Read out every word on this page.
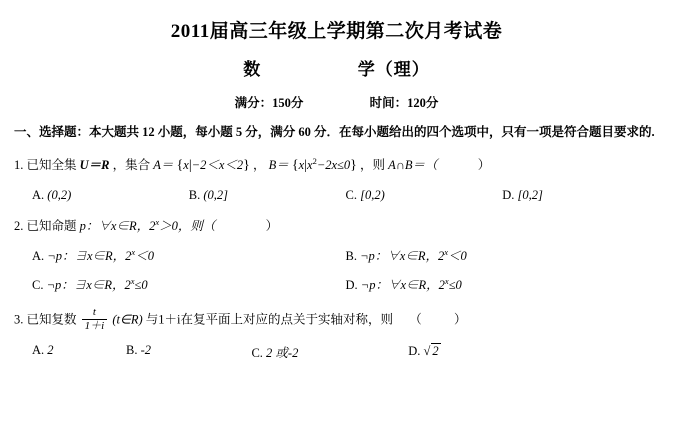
2011届高三年级上学期第二次月考试卷
数	学（理）
满分：150分	时间：120分
一、选择题：本大题共 12 小题，每小题 5 分，满分 60 分．在每小题给出的四个选项中，只有一项是符合题目要求的.
1. 已知全集 U＝R ，集合 A＝ {x|−2＜x＜2} ， $B= \{x|x^2-2x\le 0\}$ ，则 A∩B＝（	）
A. (0,2)	B. (0,2]	C. [0,2)	D. [0,2]
2. 已知命题 p：∀x∈R，$2^x>0$，则（	）
A. ¬p：∃x∈R，$2^x<0$	B. ¬p：∀x∈R，$2^x<0$
C. ¬p：∃x∈R，$2^x\le 0$	D. ¬p：∀x∈R，$2^x\le 0$
3. 已知复数 $\frac{t}{1+i}$ (t∈R) 与1＋i在复平面上对应的点关于实轴对称，则 （	）
A. 2	B. -2	C. 2 或-2	D. √ 2
